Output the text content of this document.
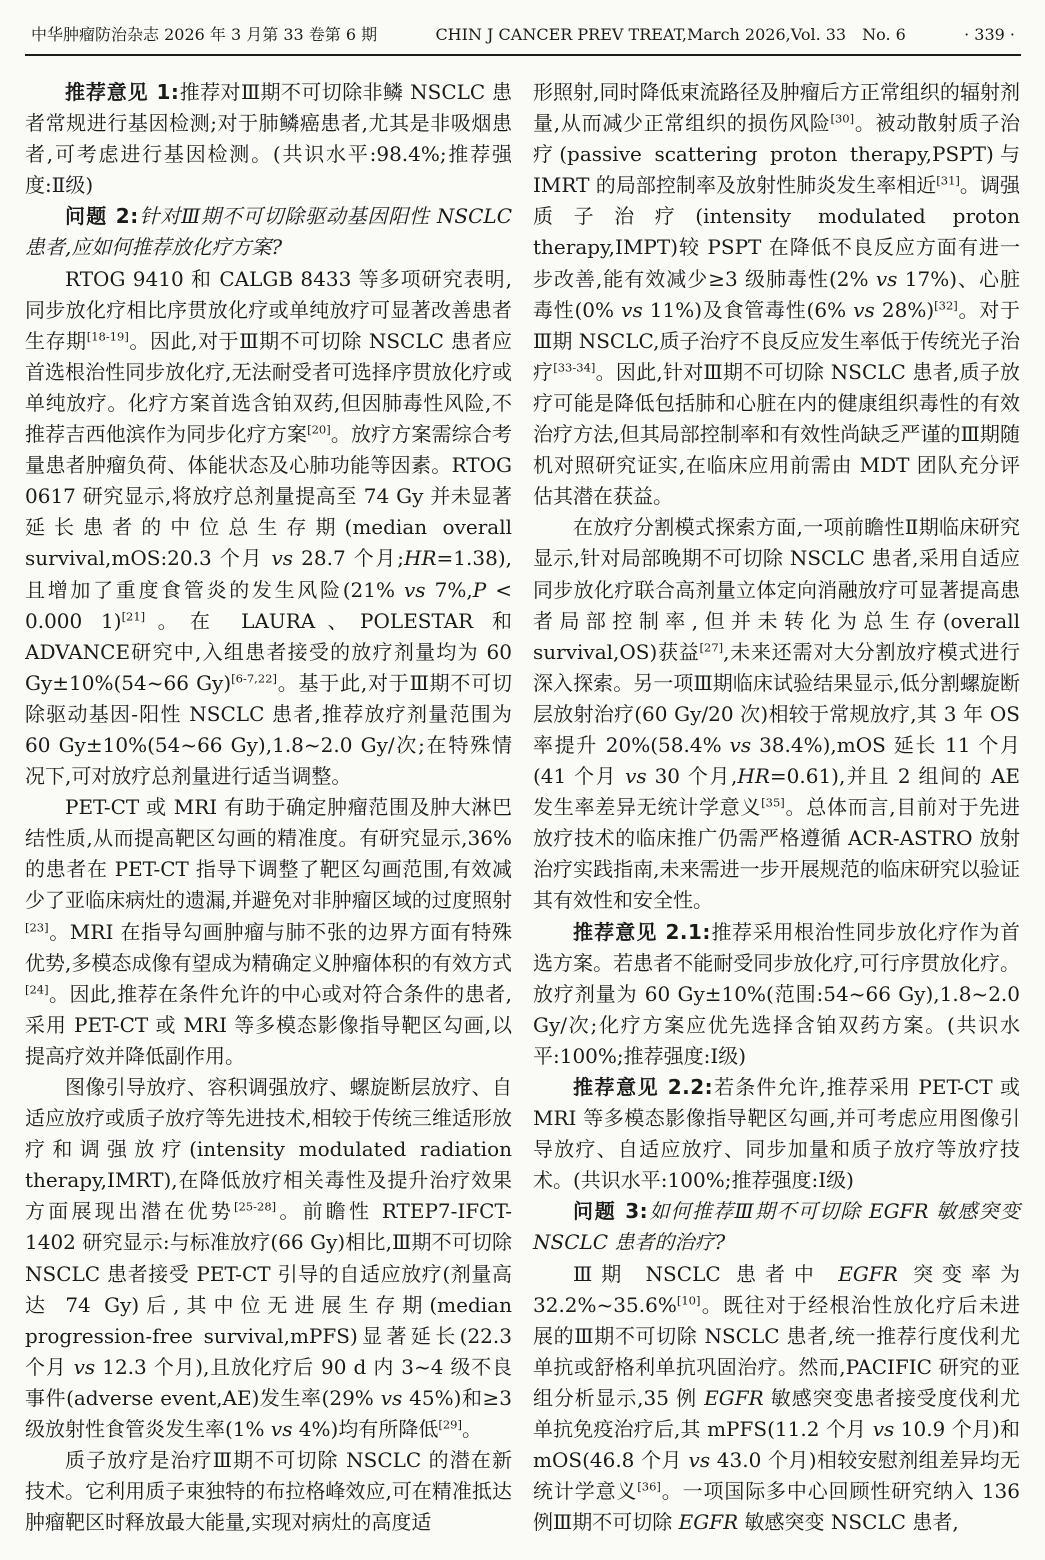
中华肿瘤防治杂志 2026 年 3 月第 33 卷第 6 期	CHIN J CANCER PREV TREAT,March 2026,Vol. 33　No. 6	· 339 ·

推荐意见 1:推荐对Ⅲ期不可切除非鳞 NSCLC 患者常规进行基因检测;对于肺鳞癌患者,尤其是非吸烟患者,可考虑进行基因检测。(共识水平:98.4%;推荐强度:Ⅱ级)

问题 2:针对Ⅲ期不可切除驱动基因阳性 NSCLC 患者,应如何推荐放化疗方案?

RTOG 9410 和 CALGB 8433 等多项研究表明,同步放化疗相比序贯放化疗或单纯放疗可显著改善患者生存期[18-19]。因此,对于Ⅲ期不可切除 NSCLC 患者应首选根治性同步放化疗,无法耐受者可选择序贯放化疗或单纯放疗。化疗方案首选含铂双药,但因肺毒性风险,不推荐吉西他滨作为同步化疗方案[20]。放疗方案需综合考量患者肿瘤负荷、体能状态及心肺功能等因素。RTOG 0617 研究显示,将放疗总剂量提高至 74 Gy 并未显著延长患者的中位总生存期(median overall survival,mOS:20.3 个月 vs 28.7 个月;HR=1.38),且增加了重度食管炎的发生风险(21% vs 7%,P < 0.000 1)[21]。在 LAURA、POLESTAR 和 ADVANCE研究中,入组患者接受的放疗剂量均为 60 Gy±10%(54~66 Gy)[6-7,22]。基于此,对于Ⅲ期不可切除驱动基因-阳性 NSCLC 患者,推荐放疗剂量范围为 60 Gy±10%(54~66 Gy),1.8~2.0 Gy/次;在特殊情况下,可对放疗总剂量进行适当调整。

PET-CT 或 MRI 有助于确定肿瘤范围及肿大淋巴结性质,从而提高靶区勾画的精准度。有研究显示,36%的患者在 PET-CT 指导下调整了靶区勾画范围,有效减少了亚临床病灶的遗漏,并避免对非肿瘤区域的过度照射[23]。MRI 在指导勾画肿瘤与肺不张的边界方面有特殊优势,多模态成像有望成为精确定义肿瘤体积的有效方式[24]。因此,推荐在条件允许的中心或对符合条件的患者,采用 PET-CT 或 MRI 等多模态影像指导靶区勾画,以提高疗效并降低副作用。

图像引导放疗、容积调强放疗、螺旋断层放疗、自适应放疗或质子放疗等先进技术,相较于传统三维适形放疗和调强放疗(intensity modulated radiation therapy,IMRT),在降低放疗相关毒性及提升治疗效果方面展现出潜在优势[25-28]。前瞻性 RTEP7-IFCT-1402 研究显示:与标准放疗(66 Gy)相比,Ⅲ期不可切除 NSCLC 患者接受 PET-CT 引导的自适应放疗(剂量高达 74 Gy)后,其中位无进展生存期(median progression-free survival,mPFS)显著延长(22.3 个月 vs 12.3 个月),且放化疗后 90 d 内 3~4 级不良事件(adverse event,AE)发生率(29% vs 45%)和≥3 级放射性食管炎发生率(1% vs 4%)均有所降低[29]。

质子放疗是治疗Ⅲ期不可切除 NSCLC 的潜在新技术。它利用质子束独特的布拉格峰效应,可在精准抵达肿瘤靶区时释放最大能量,实现对病灶的高度适

形照射,同时降低束流路径及肿瘤后方正常组织的辐射剂量,从而减少正常组织的损伤风险[30]。被动散射质子治疗(passive scattering proton therapy,PSPT)与 IMRT 的局部控制率及放射性肺炎发生率相近[31]。调强质子治疗(intensity modulated proton therapy,IMPT)较 PSPT 在降低不良反应方面有进一步改善,能有效减少≥3 级肺毒性(2% vs 17%)、心脏毒性(0% vs 11%)及食管毒性(6% vs 28%)[32]。对于Ⅲ期 NSCLC,质子治疗不良反应发生率低于传统光子治疗[33-34]。因此,针对Ⅲ期不可切除 NSCLC 患者,质子放疗可能是降低包括肺和心脏在内的健康组织毒性的有效治疗方法,但其局部控制率和有效性尚缺乏严谨的Ⅲ期随机对照研究证实,在临床应用前需由 MDT 团队充分评估其潜在获益。

在放疗分割模式探索方面,一项前瞻性Ⅱ期临床研究显示,针对局部晚期不可切除 NSCLC 患者,采用自适应同步放化疗联合高剂量立体定向消融放疗可显著提高患者局部控制率,但并未转化为总生存(overall survival,OS)获益[27],未来还需对大分割放疗模式进行深入探索。另一项Ⅲ期临床试验结果显示,低分割螺旋断层放射治疗(60 Gy/20 次)相较于常规放疗,其 3 年 OS 率提升 20%(58.4% vs 38.4%),mOS 延长 11 个月(41 个月 vs 30 个月,HR=0.61),并且 2 组间的 AE 发生率差异无统计学意义[35]。总体而言,目前对于先进放疗技术的临床推广仍需严格遵循 ACR-ASTRO 放射治疗实践指南,未来需进一步开展规范的临床研究以验证其有效性和安全性。

推荐意见 2.1:推荐采用根治性同步放化疗作为首选方案。若患者不能耐受同步放化疗,可行序贯放化疗。放疗剂量为 60 Gy±10%(范围:54~66 Gy),1.8~2.0 Gy/次;化疗方案应优先选择含铂双药方案。(共识水平:100%;推荐强度:Ⅰ级)

推荐意见 2.2:若条件允许,推荐采用 PET-CT 或 MRI 等多模态影像指导靶区勾画,并可考虑应用图像引导放疗、自适应放疗、同步加量和质子放疗等放疗技术。(共识水平:100%;推荐强度:Ⅰ级)

问题 3:如何推荐Ⅲ期不可切除 EGFR 敏感突变 NSCLC 患者的治疗?

Ⅲ期 NSCLC 患者中 EGFR 突变率为 32.2%~35.6%[10]。既往对于经根治性放化疗后未进展的Ⅲ期不可切除 NSCLC 患者,统一推荐行度伐利尤单抗或舒格利单抗巩固治疗。然而,PACIFIC 研究的亚组分析显示,35 例 EGFR 敏感突变患者接受度伐利尤单抗免疫治疗后,其 mPFS(11.2 个月 vs 10.9 个月)和 mOS(46.8 个月 vs 43.0 个月)相较安慰剂组差异均无统计学意义[36]。一项国际多中心回顾性研究纳入 136 例Ⅲ期不可切除 EGFR 敏感突变 NSCLC 患者,
